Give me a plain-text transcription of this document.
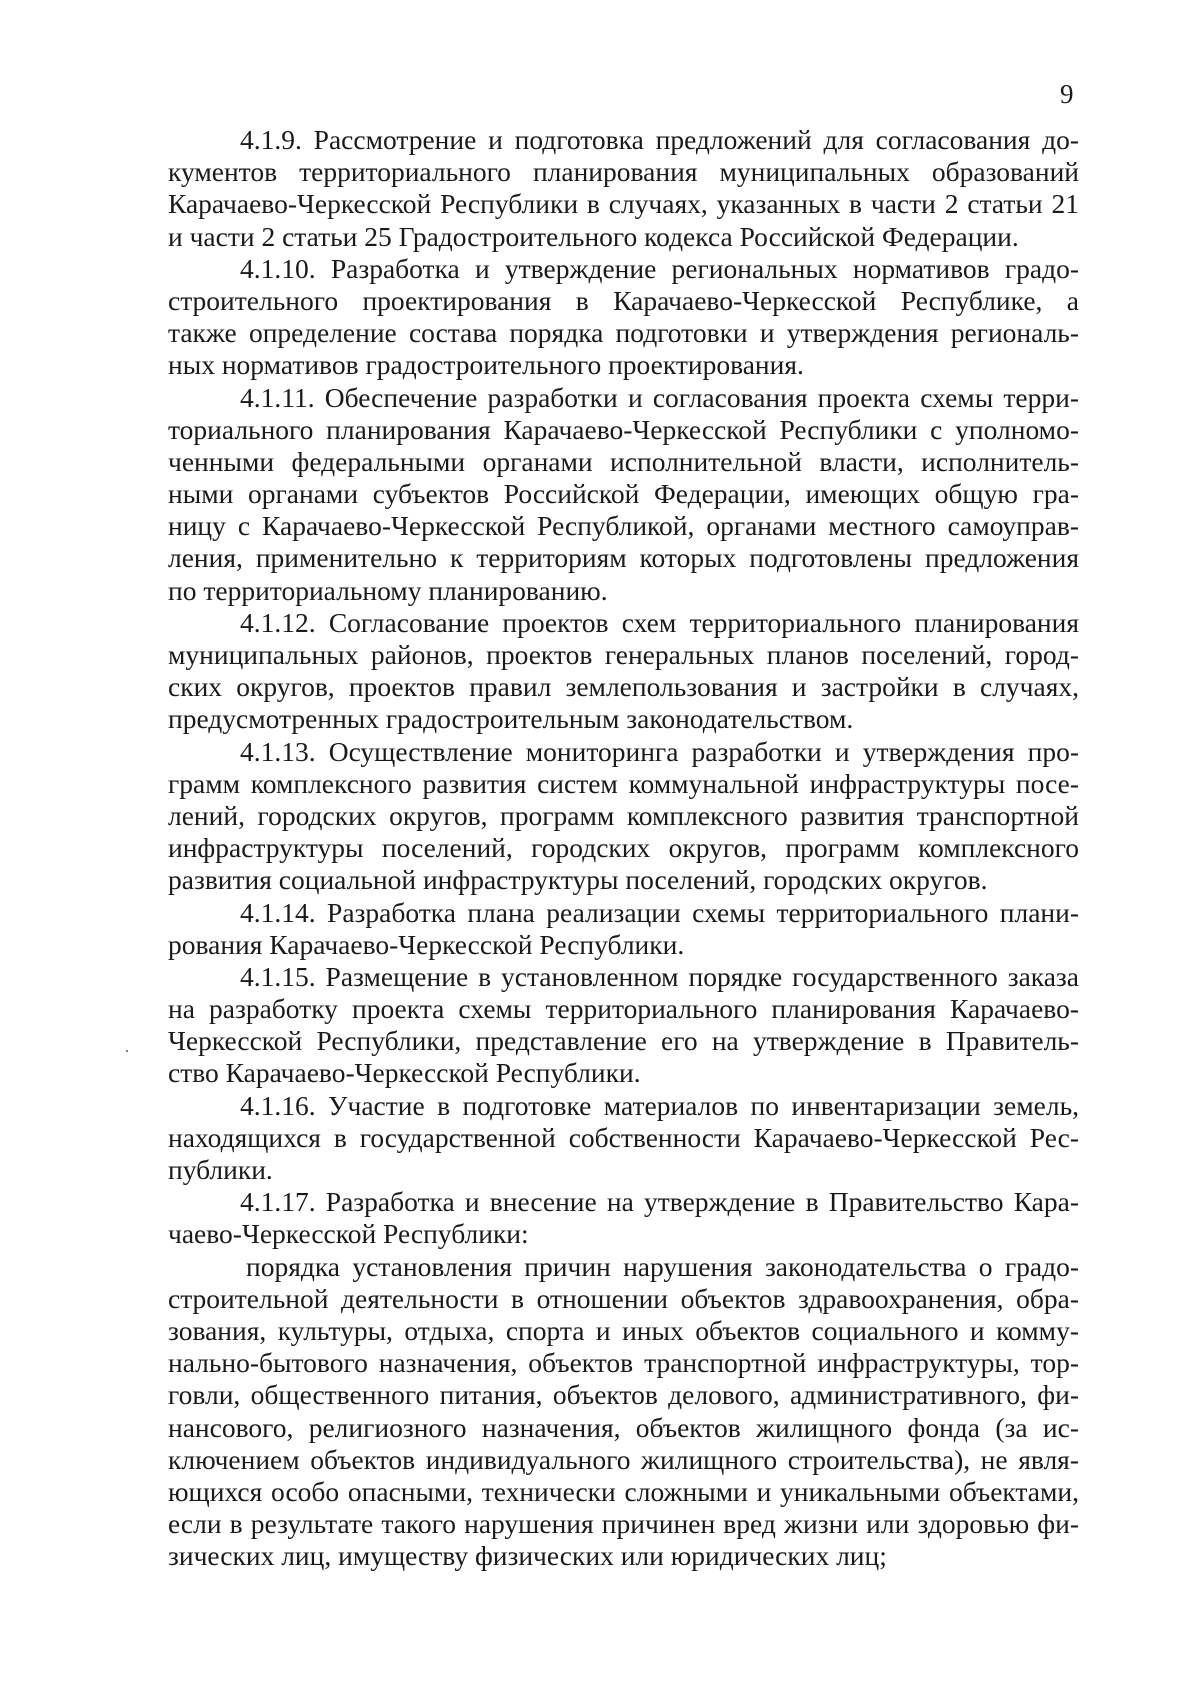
9
4.1.9. Рассмотрение и подготовка предложений для согласования до-
кументов территориального планирования муниципальных образований
Карачаево-Черкесской Республики в случаях, указанных в части 2 статьи 21
и части 2 статьи 25 Градостроительного кодекса Российской Федерации.
4.1.10. Разработка и утверждение региональных нормативов градо-
строительного проектирования в Карачаево-Черкесской Республике, а
также определение состава порядка подготовки и утверждения региональ-
ных нормативов градостроительного проектирования.
4.1.11. Обеспечение разработки и согласования проекта схемы терри-
ториального планирования Карачаево-Черкесской Республики с уполномо-
ченными федеральными органами исполнительной власти, исполнитель-
ными органами субъектов Российской Федерации, имеющих общую гра-
ницу с Карачаево-Черкесской Республикой, органами местного самоуправ-
ления, применительно к территориям которых подготовлены предложения
по территориальному планированию.
4.1.12. Согласование проектов схем территориального планирования
муниципальных районов, проектов генеральных планов поселений, город-
ских округов, проектов правил землепользования и застройки в случаях,
предусмотренных градостроительным законодательством.
4.1.13. Осуществление мониторинга разработки и утверждения про-
грамм комплексного развития систем коммунальной инфраструктуры посе-
лений, городских округов, программ комплексного развития транспортной
инфраструктуры поселений, городских округов, программ комплексного
развития социальной инфраструктуры поселений, городских округов.
4.1.14. Разработка плана реализации схемы территориального плани-
рования Карачаево-Черкесской Республики.
4.1.15. Размещение в установленном порядке государственного заказа
на разработку проекта схемы территориального планирования Карачаево-
Черкесской Республики, представление его на утверждение в Правитель-
ство Карачаево-Черкесской Республики.
4.1.16. Участие в подготовке материалов по инвентаризации земель,
находящихся в государственной собственности Карачаево-Черкесской Рес-
публики.
4.1.17. Разработка и внесение на утверждение в Правительство Кара-
чаево-Черкесской Республики:
порядка установления причин нарушения законодательства о градо-
строительной деятельности в отношении объектов здравоохранения, обра-
зования, культуры, отдыха, спорта и иных объектов социального и комму-
нально-бытового назначения, объектов транспортной инфраструктуры, тор-
говли, общественного питания, объектов делового, административного, фи-
нансового, религиозного назначения, объектов жилищного фонда (за ис-
ключением объектов индивидуального жилищного строительства), не явля-
ющихся особо опасными, технически сложными и уникальными объектами,
если в результате такого нарушения причинен вред жизни или здоровью фи-
зических лиц, имуществу физических или юридических лиц;
